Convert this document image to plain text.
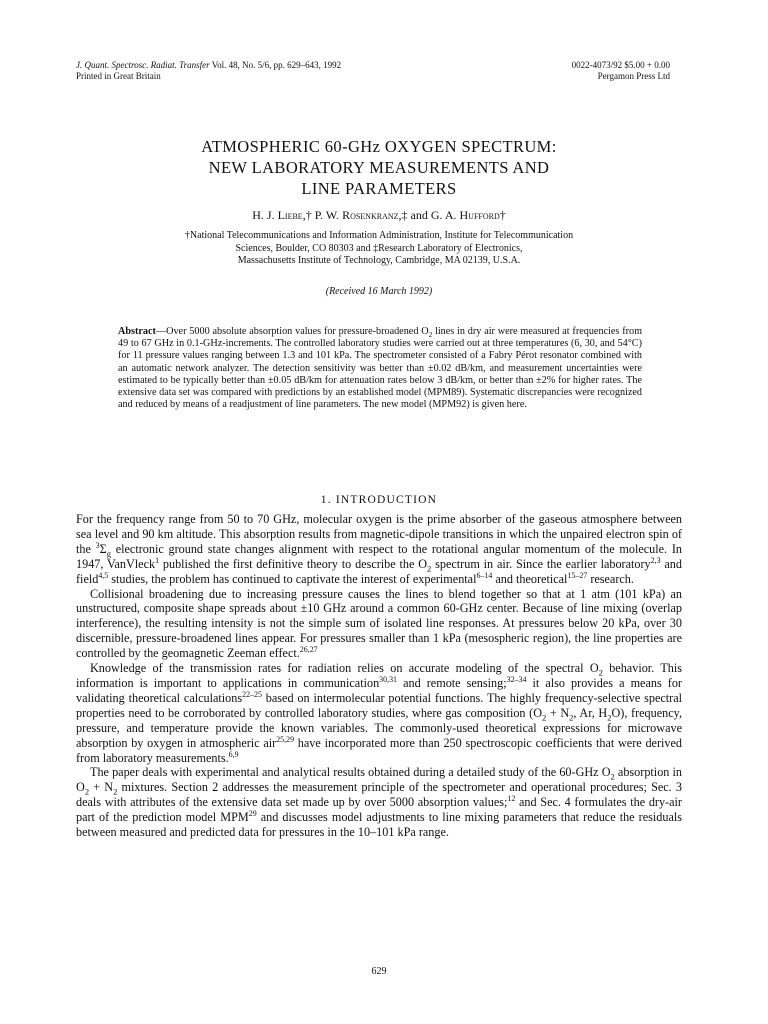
J. Quant. Spectrosc. Radiat. Transfer Vol. 48, No. 5/6, pp. 629–643, 1992
Printed in Great Britain
0022-4073/92 $5.00 + 0.00
Pergamon Press Ltd
ATMOSPHERIC 60-GHz OXYGEN SPECTRUM:
NEW LABORATORY MEASUREMENTS AND
LINE PARAMETERS
H. J. Liebe,† P. W. Rosenkranz,‡ and G. A. Hufford†
†National Telecommunications and Information Administration, Institute for Telecommunication
Sciences, Boulder, CO 80303 and ‡Research Laboratory of Electronics,
Massachusetts Institute of Technology, Cambridge, MA 02139, U.S.A.
(Received 16 March 1992)
Abstract—Over 5000 absolute absorption values for pressure-broadened $O_2$ lines in dry air were measured at frequencies from 49 to 67 GHz in 0.1-GHz-increments. The controlled laboratory studies were carried out at three temperatures (6, 30, and 54°C) for 11 pressure values ranging between 1.3 and 101 kPa. The spectrometer consisted of a Fabry Pérot resonator combined with an automatic network analyzer. The detection sensitivity was better than ±0.02 dB/km, and measurement uncertainties were estimated to be typically better than ±0.05 dB/km for attenuation rates below 3 dB/km, or better than ±2% for higher rates. The extensive data set was compared with predictions by an established model (MPM89). Systematic discrepancies were recognized and reduced by means of a readjustment of line parameters. The new model (MPM92) is given here.
1. INTRODUCTION

For the frequency range from 50 to 70 GHz, molecular oxygen is the prime absorber of the gaseous atmosphere between sea level and 90 km altitude. This absorption results from magnetic-dipole transitions in which the unpaired electron spin of the $^3\Sigma_g$ electronic ground state changes alignment with respect to the rotational angular momentum of the molecule. In 1947, VanVleck$^1$ published the first definitive theory to describe the $O_2$ spectrum in air. Since the earlier laboratory$^{2,3}$ and field$^{4,5}$ studies, the problem has continued to captivate the interest of experimental$^{6-14}$ and theoretical$^{15-27}$ research.

Collisional broadening due to increasing pressure causes the lines to blend together so that at 1 atm (101 kPa) an unstructured, composite shape spreads about ±10 GHz around a common 60-GHz center. Because of line mixing (overlap interference), the resulting intensity is not the simple sum of isolated line responses. At pressures below 20 kPa, over 30 discernible, pressure-broadened lines appear. For pressures smaller than 1 kPa (mesospheric region), the line properties are controlled by the geomagnetic Zeeman effect.$^{26,27}$

Knowledge of the transmission rates for radiation relies on accurate modeling of the spectral $O_2$ behavior. This information is important to applications in communication$^{30,31}$ and remote sensing;$^{32-34}$ it also provides a means for validating theoretical calculations$^{22-25}$ based on intermolecular potential functions. The highly frequency-selective spectral properties need to be corroborated by controlled laboratory studies, where gas composition ($O_2 + N_2$, Ar, $H_2O$), frequency, pressure, and temperature provide the known variables. The commonly-used theoretical expressions for microwave absorption by oxygen in atmospheric air$^{25,29}$ have incorporated more than 250 spectroscopic coefficients that were derived from laboratory measurements.$^{6,9}$

The paper deals with experimental and analytical results obtained during a detailed study of the 60-GHz $O_2$ absorption in $O_2 + N_2$ mixtures. Section 2 addresses the measurement principle of the spectrometer and operational procedures; Sec. 3 deals with attributes of the extensive data set made up by over 5000 absorption values;$^{12}$ and Sec. 4 formulates the dry-air part of the prediction model MPM$^{29}$ and discusses model adjustments to line mixing parameters that reduce the residuals between measured and predicted data for pressures in the 10–101 kPa range.

629
